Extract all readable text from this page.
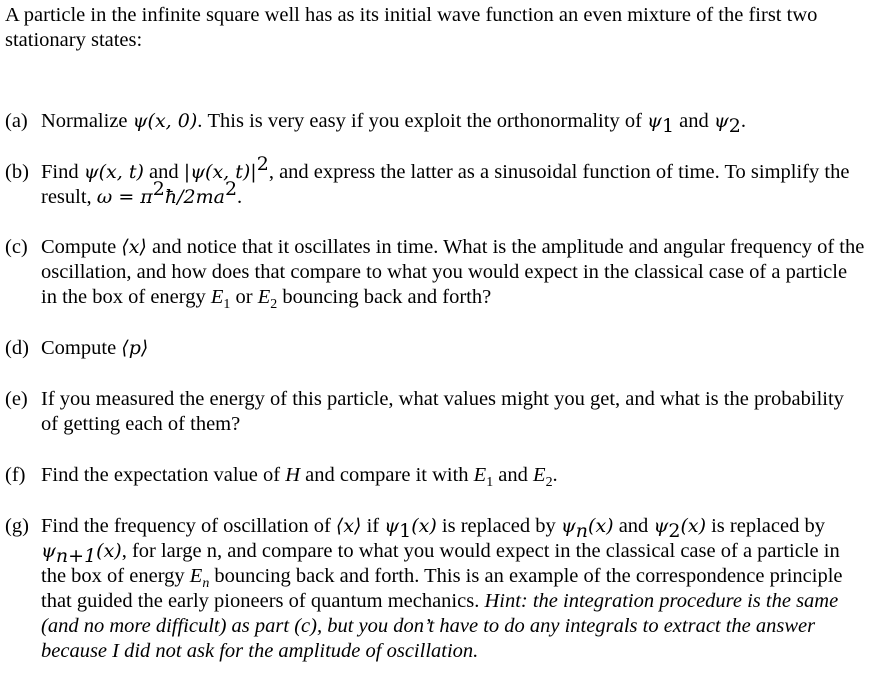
A particle in the infinite square well has as its initial wave function an even mixture of the first two stationary states:

(a) Normalize ψ(x, 0). This is very easy if you exploit the orthonormality of $\psi_1$ and $\psi_2$.
(b) Find ψ(x, t) and |ψ(x, $t)|^2$, and express the latter as a sinusoidal function of time. To simplify the result, $\omega = \pi^2ħ/2ma^2$.
(c) Compute ⟨x⟩ and notice that it oscillates in time. What is the amplitude and angular frequency of the oscillation, and how does that compare to what you would expect in the classical case of a particle in the box of energy $E_1$ or $E_2$ bouncing back and forth?
(d) Compute ⟨p⟩
(e) If you measured the energy of this particle, what values might you get, and what is the probability of getting each of them?
(f) Find the expectation value of H and compare it with $E_1$ and $E_2$.
(g) Find the frequency of oscillation of ⟨x⟩ if $\psi_1(x)$ is replaced by $\psi_n(x)$ and $\psi_2(x)$ is replaced by $\psi_{n+1}(x)$, for large n, and compare to what you would expect in the classical case of a particle in the box of energy $E_n$ bouncing back and forth. This is an example of the correspondence principle that guided the early pioneers of quantum mechanics. Hint: the integration procedure is the same (and no more difficult) as part (c), but you don’t have to do any integrals to extract the answer because I did not ask for the amplitude of oscillation.
